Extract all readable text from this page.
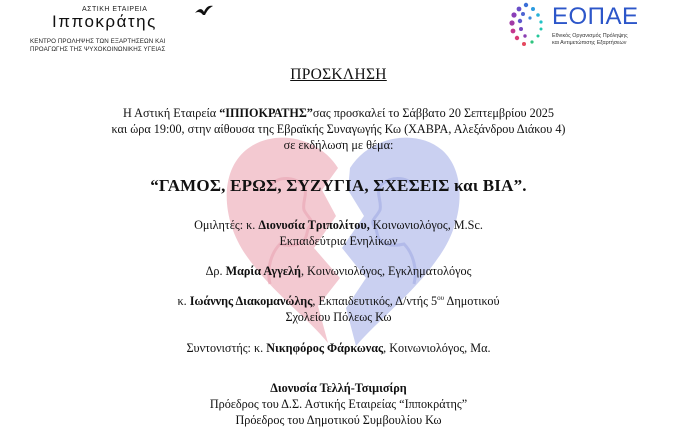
ΑΣΤΙΚΗ ΕΤΑΙΡΕΙΑ
Ιπποκράτης
ΚΕΝΤΡΟ ΠΡΟΛΗΨΗΣ ΤΩΝ ΕΞΑΡΤΗΣΕΩΝ ΚΑΙ
ΠΡΟΑΓΩΓΗΣ ΤΗΣ ΨΥΧΟΚΟΙΝΩΝΙΚΗΣ ΥΓΕΙΑΣ
ΕΟΠΑΕ
Εθνικός Οργανισμός Πρόληψης
και Αντιμετώπισης Εξαρτήσεων
ΠΡΟΣΚΛΗΣΗ
Η Αστική Εταιρεία “ΙΠΠΟΚΡΑΤΗΣ”σας προσκαλεί το Σάββατο 20 Σεπτεμβρίου 2025
και ώρα 19:00, στην αίθουσα της Εβραϊκής Συναγωγής Κω (ΧΑΒΡΑ, Αλεξάνδρου Διάκου 4)
σε εκδήλωση με θέμα:
“ΓΑΜΟΣ, ΕΡΩΣ, ΣΥΖΥΓΙΑ, ΣΧΕΣΕΙΣ και ΒΙΑ”.
Ομιλητές: κ. Διονυσία Τριπολίτου, Κοινωνιολόγος, M.Sc.
Εκπαιδεύτρια Ενηλίκων
Δρ. Μαρία Αγγελή, Κοινωνιολόγος, Εγκληματολόγος
κ. Ιωάννης Διακομανώλης, Εκπαιδευτικός, Δ/ντής $5^{o\upsilon}$ Δημοτικού
Σχολείου Πόλεως Κω
Συντονιστής: κ. Νικηφόρος Φάρκωνας, Κοινωνιολόγος, Μα.
Διονυσία Τελλή-Τσιμισίρη
Πρόεδρος του Δ.Σ. Αστικής Εταιρείας “Ιπποκράτης”
Πρόεδρος του Δημοτικού Συμβουλίου Κω
